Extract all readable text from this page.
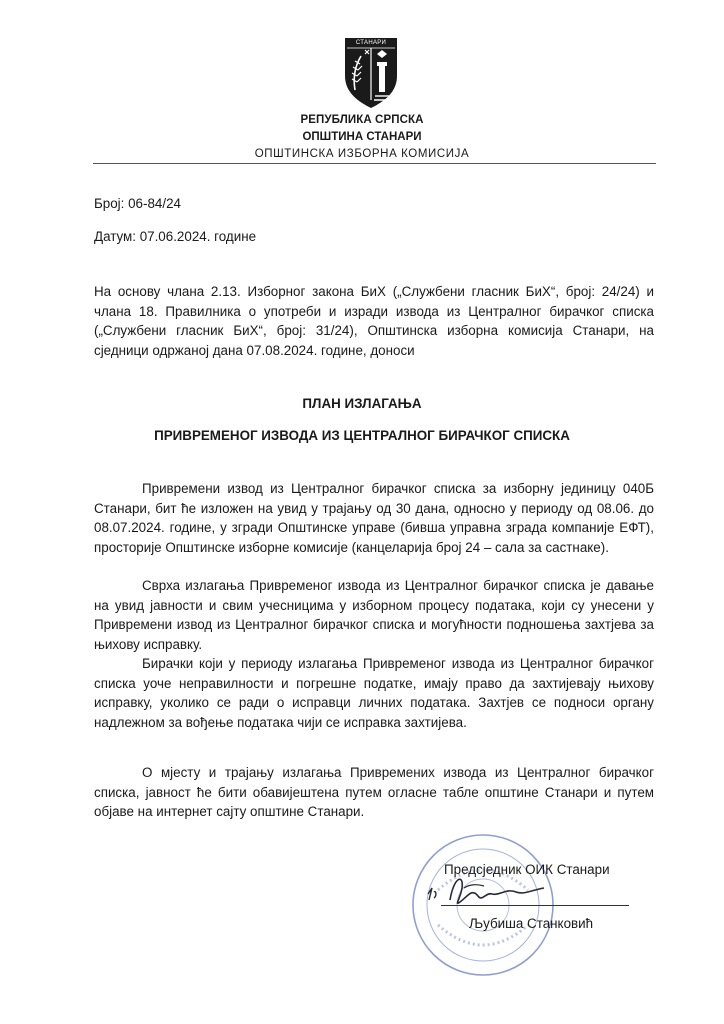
СТАНАРИ
РЕПУБЛИКА СРПСКА
ОПШТИНА СТАНАРИ
ОПШТИНСКА ИЗБОРНА КОМИСИЈА
Број: 06-84/24
Датум: 07.06.2024. године

На основу члана 2.13. Изборног закона БиХ („Службени гласник БиХ“, број: 24/24) и члана 18. Правилника о употреби и изради извода из Централног бирачког списка („Службени гласник БиХ“, број: 31/24), Општинска изборна комисија Станари, на сједници одржаној дана 07.08.2024. године, доноси

ПЛАН ИЗЛАГАЊА
ПРИВРЕМЕНОГ ИЗВОДА ИЗ ЦЕНТРАЛНОГ БИРАЧКОГ СПИСКА

Привремени извод из Централног бирачког списка за изборну јединицу 040Б Станари, бит ће изложен на увид у трајању од 30 дана, односно у периоду од 08.06. до 08.07.2024. године, у згради Општинске управе (бивша управна зграда компаније ЕФТ), просторије Општинске изборне комисије (канцеларија број 24 – сала за састнаке).

Сврха излагања Привременог извода из Централног бирачког списка је давање на увид јавности и свим учесницима у изборном процесу података, који су унесени у Привремени извод из Централног бирачког списка и могућности подношења захтјева за њихову исправку.

Бирачки који у периоду излагања Привременог извода из Централног бирачког списка уоче неправилности и погрешне податке, имају право да захтијевају њихову исправку, уколико се ради о исправци личних података. Захтјев се подноси органу надлежном за вођење података чији се исправка захтијева.

О мјесту и трајању излагања Привремених извода из Централног бирачког списка, јавност ће бити обавијештена путем огласне табле општине Станари и путем објаве на интернет сајту општине Станари.

Предсједник ОИК Станари
Љубиша Станковић
